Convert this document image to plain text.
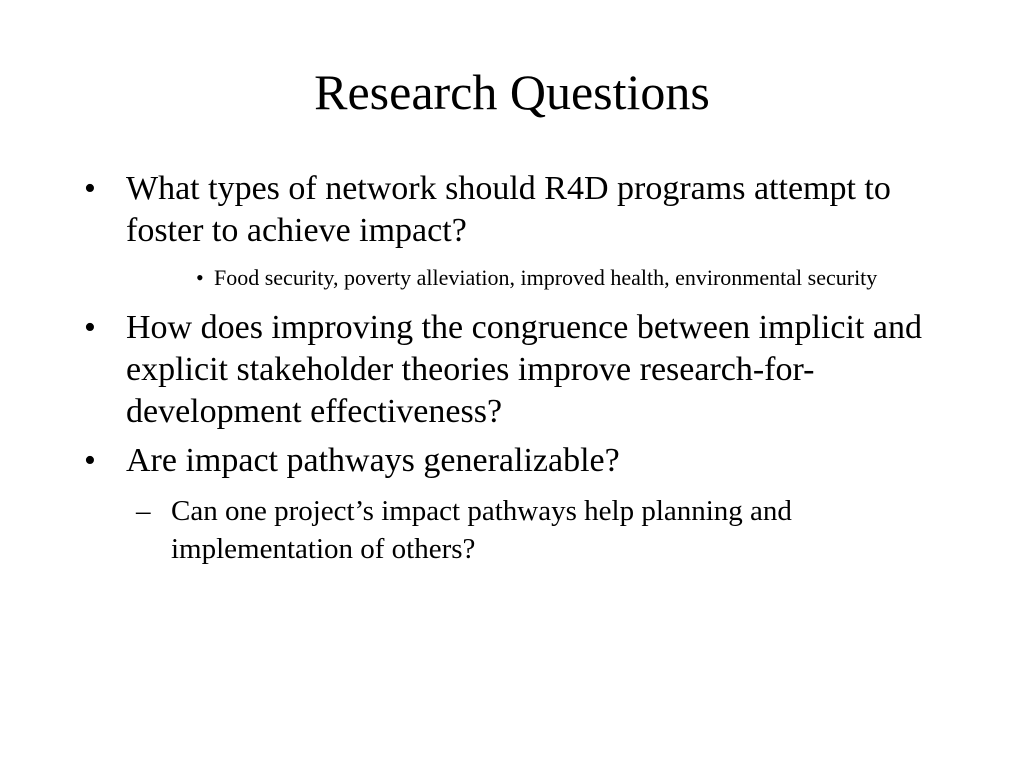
Research Questions
• What types of network should R4D programs attempt to foster to achieve impact?
• Food security, poverty alleviation, improved health, environmental security
• How does improving the congruence between implicit and explicit stakeholder theories improve research-for-development effectiveness?
• Are impact pathways generalizable?
– Can one project’s impact pathways help planning and implementation of others?
